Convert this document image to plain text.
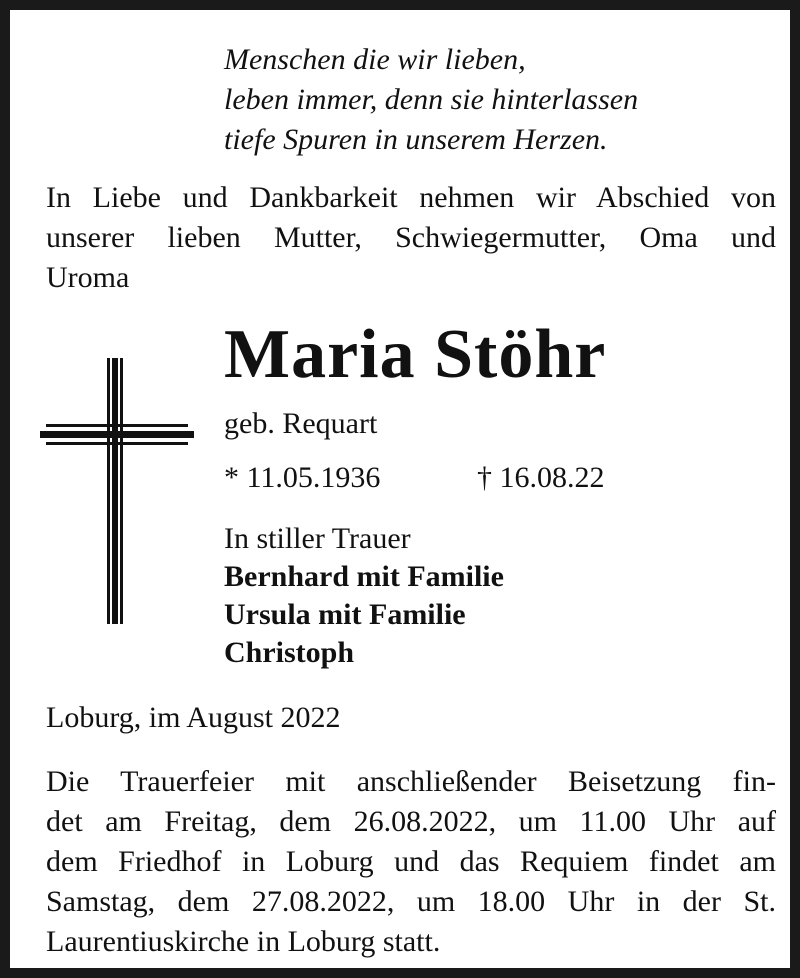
Menschen die wir lieben,
leben immer, denn sie hinterlassen
tiefe Spuren in unserem Herzen.
In Liebe und Dankbarkeit nehmen wir Abschied von
unserer lieben Mutter, Schwiegermutter, Oma und
Uroma
Maria Stöhr
geb. Requart
* 11.05.1936	† 16.08.22
In stiller Trauer
Bernhard mit Familie
Ursula mit Familie
Christoph
Loburg, im August 2022
Die Trauerfeier mit anschließender Beisetzung fin-
det am Freitag, dem 26.08.2022, um 11.00 Uhr auf
dem Friedhof in Loburg und das Requiem findet am
Samstag, dem 27.08.2022, um 18.00 Uhr in der St.
Laurentiuskirche in Loburg statt.
